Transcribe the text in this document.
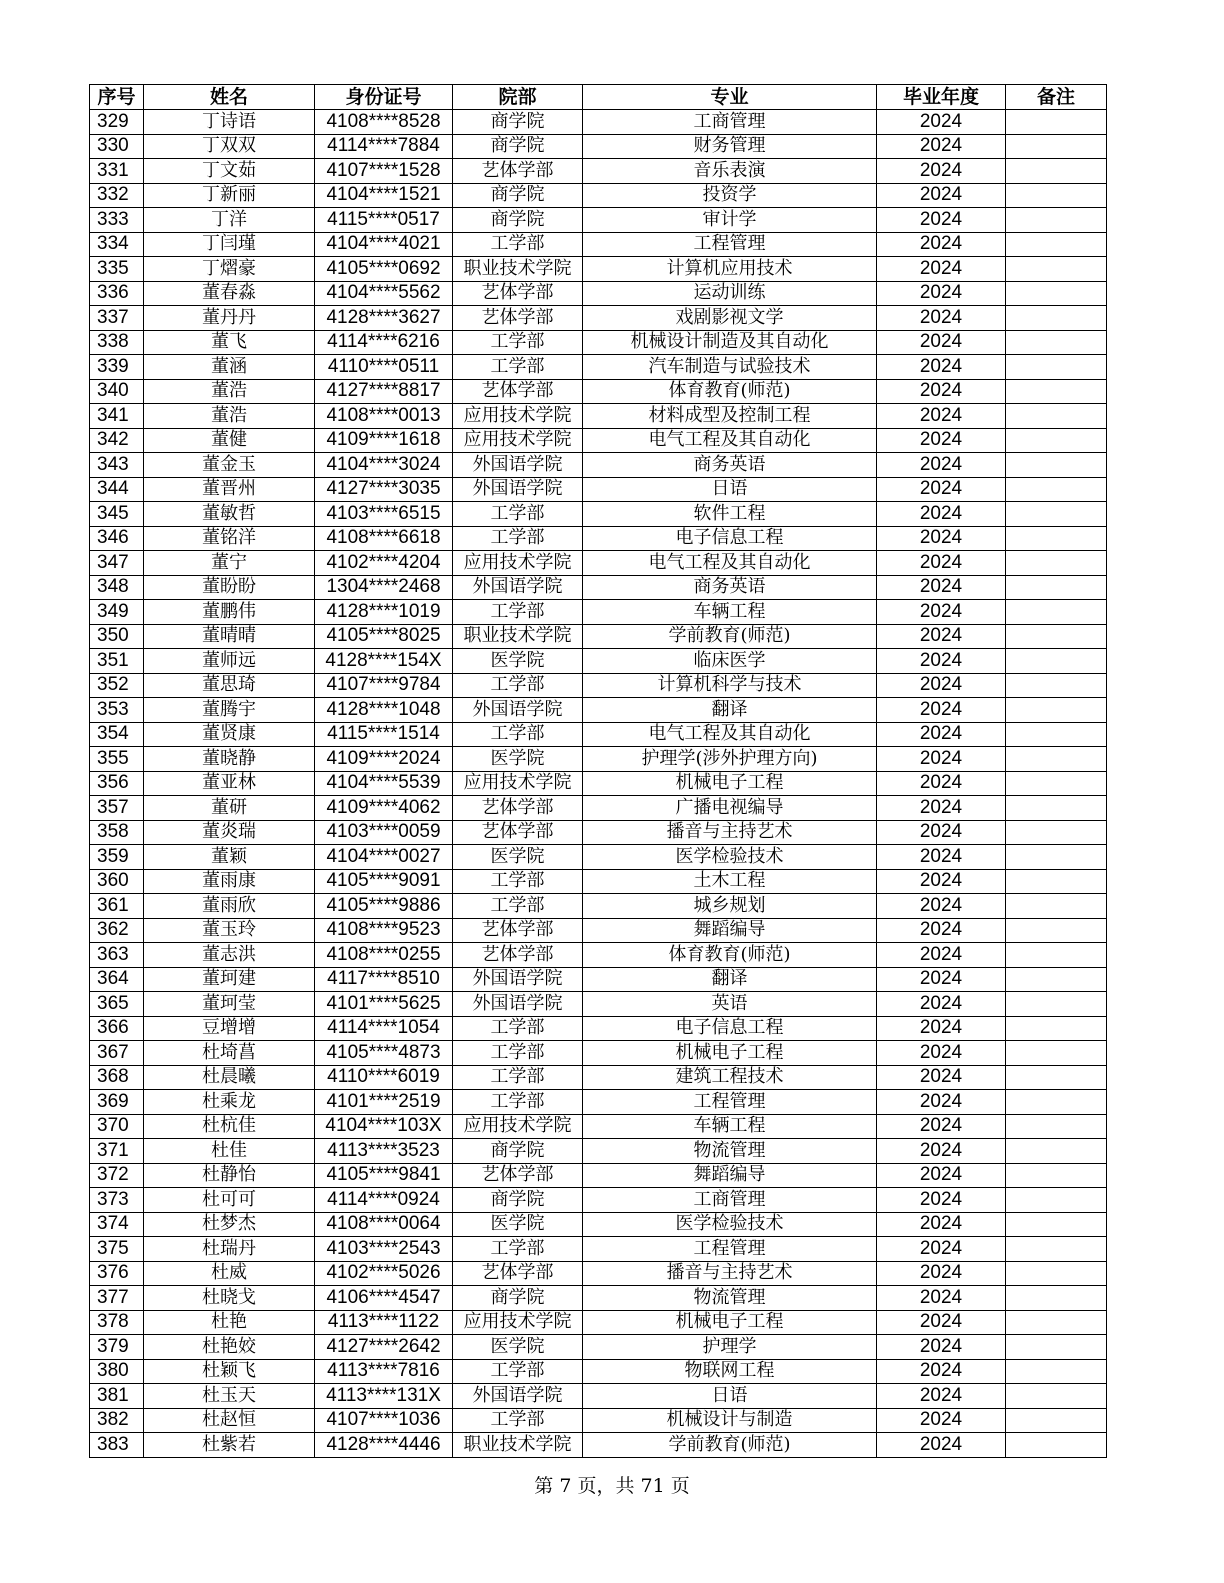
序号	姓名	身份证号	院部	专业	毕业年度	备注
329	丁诗语	4108****8528	商学院	工商管理	2024	
330	丁双双	4114****7884	商学院	财务管理	2024	
331	丁文茹	4107****1528	艺体学部	音乐表演	2024	
332	丁新丽	4104****1521	商学院	投资学	2024	
333	丁洋	4115****0517	商学院	审计学	2024	
334	丁闫瑾	4104****4021	工学部	工程管理	2024	
335	丁熠豪	4105****0692	职业技术学院	计算机应用技术	2024	
336	董春淼	4104****5562	艺体学部	运动训练	2024	
337	董丹丹	4128****3627	艺体学部	戏剧影视文学	2024	
338	董飞	4114****6216	工学部	机械设计制造及其自动化	2024	
339	董涵	4110****0511	工学部	汽车制造与试验技术	2024	
340	董浩	4127****8817	艺体学部	体育教育(师范)	2024	
341	董浩	4108****0013	应用技术学院	材料成型及控制工程	2024	
342	董健	4109****1618	应用技术学院	电气工程及其自动化	2024	
343	董金玉	4104****3024	外国语学院	商务英语	2024	
344	董晋州	4127****3035	外国语学院	日语	2024	
345	董敏哲	4103****6515	工学部	软件工程	2024	
346	董铭洋	4108****6618	工学部	电子信息工程	2024	
347	董宁	4102****4204	应用技术学院	电气工程及其自动化	2024	
348	董盼盼	1304****2468	外国语学院	商务英语	2024	
349	董鹏伟	4128****1019	工学部	车辆工程	2024	
350	董晴晴	4105****8025	职业技术学院	学前教育(师范)	2024	
351	董师远	4128****154X	医学院	临床医学	2024	
352	董思琦	4107****9784	工学部	计算机科学与技术	2024	
353	董腾宇	4128****1048	外国语学院	翻译	2024	
354	董贤康	4115****1514	工学部	电气工程及其自动化	2024	
355	董晓静	4109****2024	医学院	护理学(涉外护理方向)	2024	
356	董亚林	4104****5539	应用技术学院	机械电子工程	2024	
357	董研	4109****4062	艺体学部	广播电视编导	2024	
358	董炎瑞	4103****0059	艺体学部	播音与主持艺术	2024	
359	董颖	4104****0027	医学院	医学检验技术	2024	
360	董雨康	4105****9091	工学部	土木工程	2024	
361	董雨欣	4105****9886	工学部	城乡规划	2024	
362	董玉玲	4108****9523	艺体学部	舞蹈编导	2024	
363	董志洪	4108****0255	艺体学部	体育教育(师范)	2024	
364	董珂建	4117****8510	外国语学院	翻译	2024	
365	董珂莹	4101****5625	外国语学院	英语	2024	
366	豆增增	4114****1054	工学部	电子信息工程	2024	
367	杜埼菖	4105****4873	工学部	机械电子工程	2024	
368	杜晨曦	4110****6019	工学部	建筑工程技术	2024	
369	杜乘龙	4101****2519	工学部	工程管理	2024	
370	杜杭佳	4104****103X	应用技术学院	车辆工程	2024	
371	杜佳	4113****3523	商学院	物流管理	2024	
372	杜静怡	4105****9841	艺体学部	舞蹈编导	2024	
373	杜可可	4114****0924	商学院	工商管理	2024	
374	杜梦杰	4108****0064	医学院	医学检验技术	2024	
375	杜瑞丹	4103****2543	工学部	工程管理	2024	
376	杜威	4102****5026	艺体学部	播音与主持艺术	2024	
377	杜晓戈	4106****4547	商学院	物流管理	2024	
378	杜艳	4113****1122	应用技术学院	机械电子工程	2024	
379	杜艳姣	4127****2642	医学院	护理学	2024	
380	杜颖飞	4113****7816	工学部	物联网工程	2024	
381	杜玉天	4113****131X	外国语学院	日语	2024	
382	杜赵恒	4107****1036	工学部	机械设计与制造	2024	
383	杜紫若	4128****4446	职业技术学院	学前教育(师范)	2024	
第 7 页，共 71 页
